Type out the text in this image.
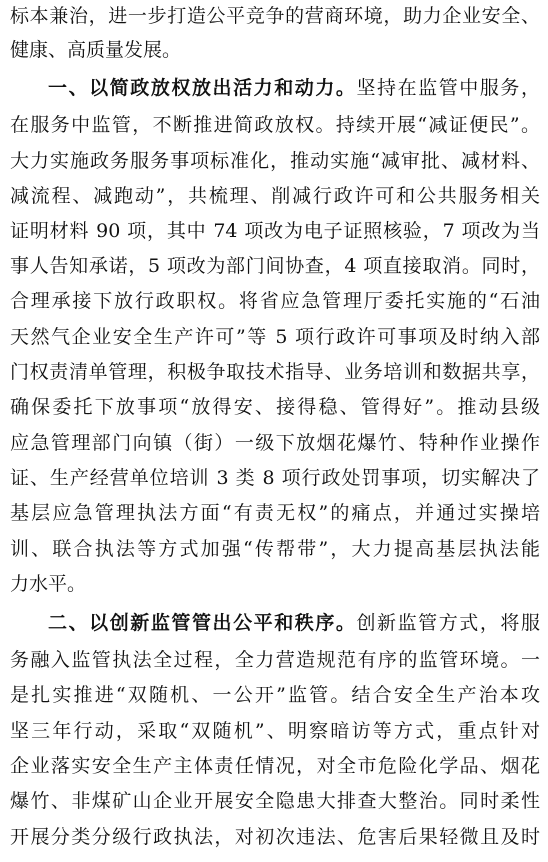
标本兼治，进一步打造公平竞争的营商环境，助力企业安全、
健康、高质量发展。
一、以简政放权放出活力和动力。坚持在监管中服务，
在服务中监管，不断推进简政放权。持续开展“减证便民”。
大力实施政务服务事项标准化，推动实施“减审批、减材料、
减流程、减跑动”，共梳理、削减行政许可和公共服务相关
证明材料 90 项，其中 74 项改为电子证照核验，7 项改为当
事人告知承诺，5 项改为部门间协查，4 项直接取消。同时，
合理承接下放行政职权。将省应急管理厅委托实施的“石油
天然气企业安全生产许可”等 5 项行政许可事项及时纳入部
门权责清单管理，积极争取技术指导、业务培训和数据共享，
确保委托下放事项“放得安、接得稳、管得好”。推动县级
应急管理部门向镇（街）一级下放烟花爆竹、特种作业操作
证、生产经营单位培训 3 类 8 项行政处罚事项，切实解决了
基层应急管理执法方面“有责无权”的痛点，并通过实操培
训、联合执法等方式加强“传帮带”，大力提高基层执法能
力水平。
二、以创新监管管出公平和秩序。创新监管方式，将服
务融入监管执法全过程，全力营造规范有序的监管环境。一
是扎实推进“双随机、一公开”监管。结合安全生产治本攻
坚三年行动，采取“双随机”、明察暗访等方式，重点针对
企业落实安全生产主体责任情况，对全市危险化学品、烟花
爆竹、非煤矿山企业开展安全隐患大排查大整治。同时柔性
开展分类分级行政执法，对初次违法、危害后果轻微且及时
